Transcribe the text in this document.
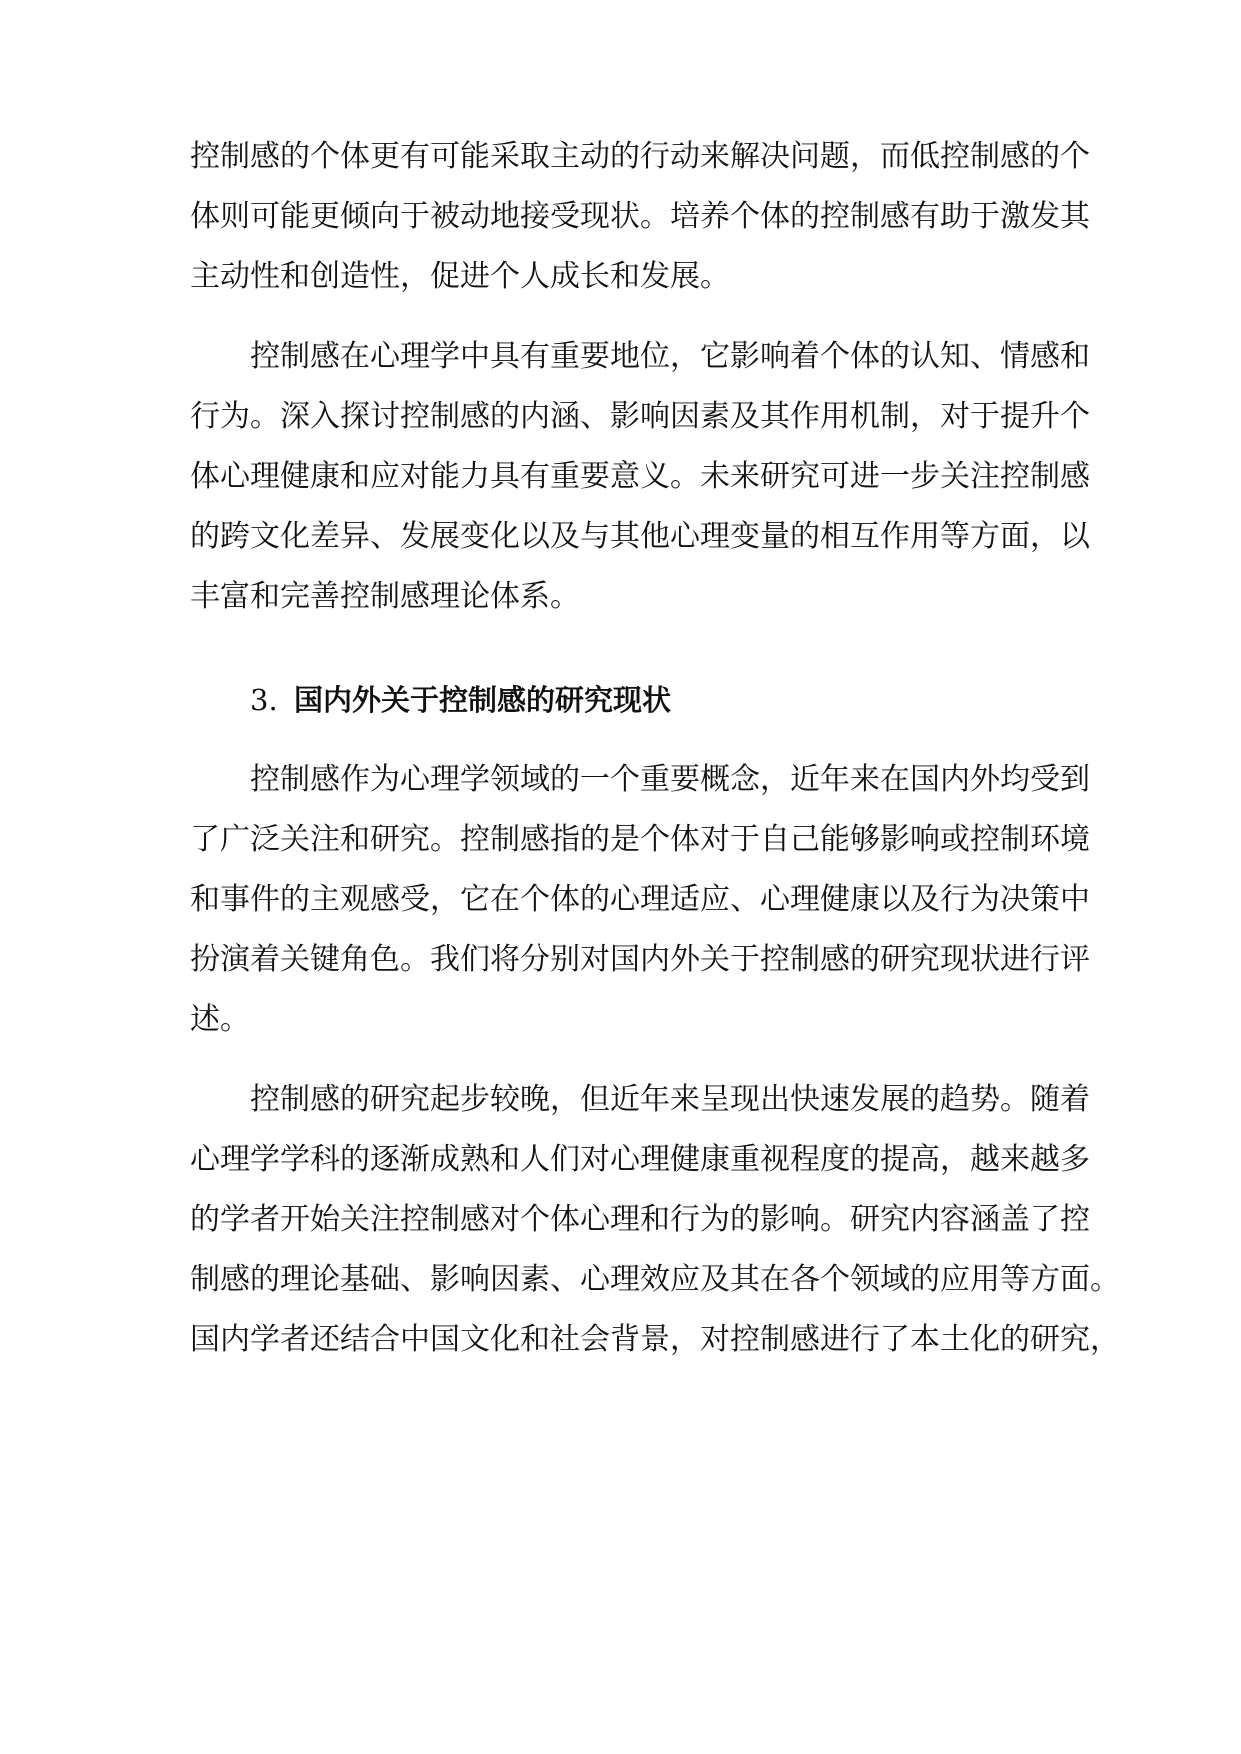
控制感的个体更有可能采取主动的行动来解决问题，而低控制感的个
体则可能更倾向于被动地接受现状。培养个体的控制感有助于激发其
主动性和创造性，促进个人成长和发展。
控制感在心理学中具有重要地位，它影响着个体的认知、情感和
行为。深入探讨控制感的内涵、影响因素及其作用机制，对于提升个
体心理健康和应对能力具有重要意义。未来研究可进一步关注控制感
的跨文化差异、发展变化以及与其他心理变量的相互作用等方面，以
丰富和完善控制感理论体系。
3. 国内外关于控制感的研究现状
控制感作为心理学领域的一个重要概念，近年来在国内外均受到
了广泛关注和研究。控制感指的是个体对于自己能够影响或控制环境
和事件的主观感受，它在个体的心理适应、心理健康以及行为决策中
扮演着关键角色。我们将分别对国内外关于控制感的研究现状进行评
述。
控制感的研究起步较晚，但近年来呈现出快速发展的趋势。随着
心理学学科的逐渐成熟和人们对心理健康重视程度的提高，越来越多
的学者开始关注控制感对个体心理和行为的影响。研究内容涵盖了控
制感的理论基础、影响因素、心理效应及其在各个领域的应用等方面。
国内学者还结合中国文化和社会背景，对控制感进行了本土化的研究，
